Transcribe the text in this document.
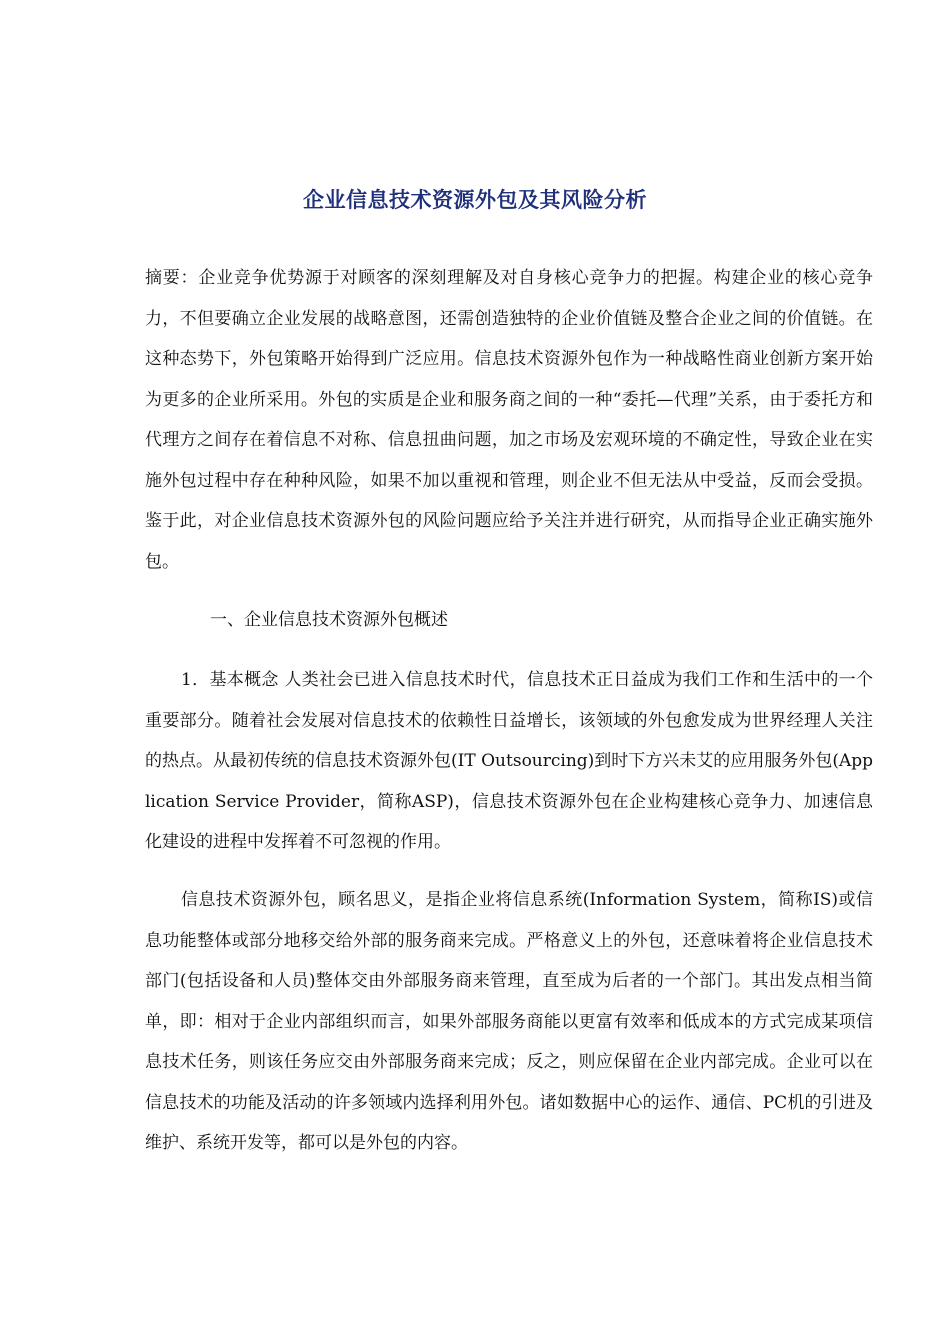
企业信息技术资源外包及其风险分析

摘要：企业竞争优势源于对顾客的深刻理解及对自身核心竞争力的把握。构建企业的核心竞争力，不但要确立企业发展的战略意图，还需创造独特的企业价值链及整合企业之间的价值链。在这种态势下，外包策略开始得到广泛应用。信息技术资源外包作为一种战略性商业创新方案开始为更多的企业所采用。外包的实质是企业和服务商之间的一种“委托—代理”关系，由于委托方和代理方之间存在着信息不对称、信息扭曲问题，加之市场及宏观环境的不确定性，导致企业在实施外包过程中存在种种风险，如果不加以重视和管理，则企业不但无法从中受益，反而会受损。鉴于此，对企业信息技术资源外包的风险问题应给予关注并进行研究，从而指导企业正确实施外包。

一、企业信息技术资源外包概述

1．基本概念 人类社会已进入信息技术时代，信息技术正日益成为我们工作和生活中的一个重要部分。随着社会发展对信息技术的依赖性日益增长，该领域的外包愈发成为世界经理人关注的热点。从最初传统的信息技术资源外包(IT Outsourcing)到时下方兴未艾的应用服务外包(Application Service Provider，简称ASP)，信息技术资源外包在企业构建核心竞争力、加速信息化建设的进程中发挥着不可忽视的作用。

信息技术资源外包，顾名思义，是指企业将信息系统(Information System，简称IS)或信息功能整体或部分地移交给外部的服务商来完成。严格意义上的外包，还意味着将企业信息技术部门(包括设备和人员)整体交由外部服务商来管理，直至成为后者的一个部门。其出发点相当简单，即：相对于企业内部组织而言，如果外部服务商能以更富有效率和低成本的方式完成某项信息技术任务，则该任务应交由外部服务商来完成；反之，则应保留在企业内部完成。企业可以在信息技术的功能及活动的许多领域内选择利用外包。诸如数据中心的运作、通信、PC机的引进及维护、系统开发等，都可以是外包的内容。
